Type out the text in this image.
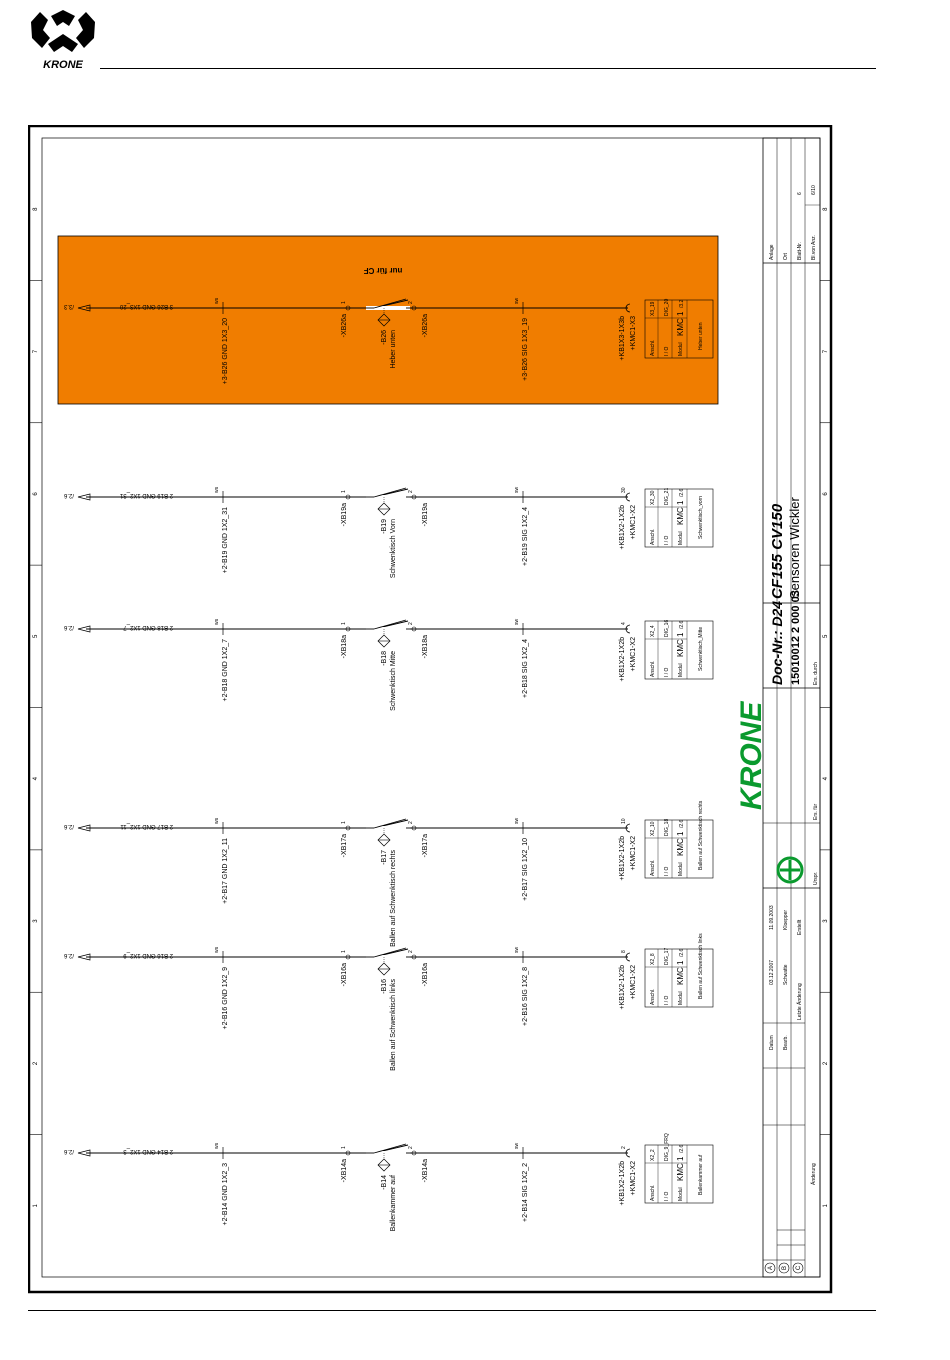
KRONE
1	1
2	2
3	3
4	4
5	5
6	6
7	7
8	8
nur für CF
/2.6	2 B14 GND 1X2_3
ws
+2-B14 GND 1X2_3
1
-XB14a
-B14 Ballenkammer auf
2
-XB14a
sw
+2-B14 SIG 1X2_2
2
+KB1X2-1X2b +KMC1-X2	Anschl. I / O Modul
X2_2 DIG_9_FRQ
KMC 1
/2.6
Ballenkammer auf
/2.6	2 B16 GND 1X2_9
ws
+2-B16 GND 1X2_9
1
-XB16a
-B16 Ballen auf Schwenktisch links
2
-XB16a
sw
+2-B16 SIG 1X2_8
8
+KB1X2-1X2b +KMC1-X2	Anschl. I / O Modul
X2_8 DIG_17
KMC 1
/2.6	Ballen auf Schwenktisch links
/2.6	2 B17 GND 1X2_11
ws
+2-B17 GND 1X2_11
1
-XB17a
-B17 Ballen auf Schwenktisch rechts
2
-XB17a
sw
+2-B17 SIG 1X2_10
10
+KB1X2-1X2b +KMC1-X2	Anschl. I / O Modul
X2_10 DIG_18
KMC 1
/2.6	Ballen auf Schwenktisch rechts
/2.6	2 B18 GND 1X2_7
ws
+2-B18 GND 1X2_7
1
-XB18a
-B18 Schwenktisch Mitte
2
-XB18a
sw
+2-B18 SIG 1X2_4
4
+KB1X2-1X2b +KMC1-X2	Anschl. I / O Modul
X2_4 DIG_16
KMC 1
/2.6
Schwenktisch_Mitte
/2.6	2 B19 GND 1X2_31
ws
+2-B19 GND 1X2_31
1
-XB19a
-B19 Schwenktisch Vorn
2
-XB19a
sw
+2-B19 SIG 1X2_4
30
+KB1X2-1X2b +KMC1-X2	Anschl. I / O Modul
X2_30 DIG_21
KMC 1
/2.6
Schwenktisch_vorn
/3.3	3 B26 GND 1X3_20
ws
+3-B26 GND 1X3_20
1
-XB26a
-B26 Heber unten
2
-XB26a
sw
+3-B26 SIG 1X3_19	+KB1X3-1X3b +KMC1-X3	Anschl. I / O Modul
X3_19 DIG_20
KMC 1
/3.2
Heber unten
KRONE
Doc-Nr.: D24 15010012 2 000 03
CF155 CV150 Sensoren Wickler
Ers. durch
Ers. für
Urspr.
Anlage Ort Blatt-Nr.
6
Bl.von Anz.
6/10
Datum Bearb.
03.12.2007 Schwatte
Letzte Änderung
11.09.2003 Kloepper Erstellt
Änderung
A B C
